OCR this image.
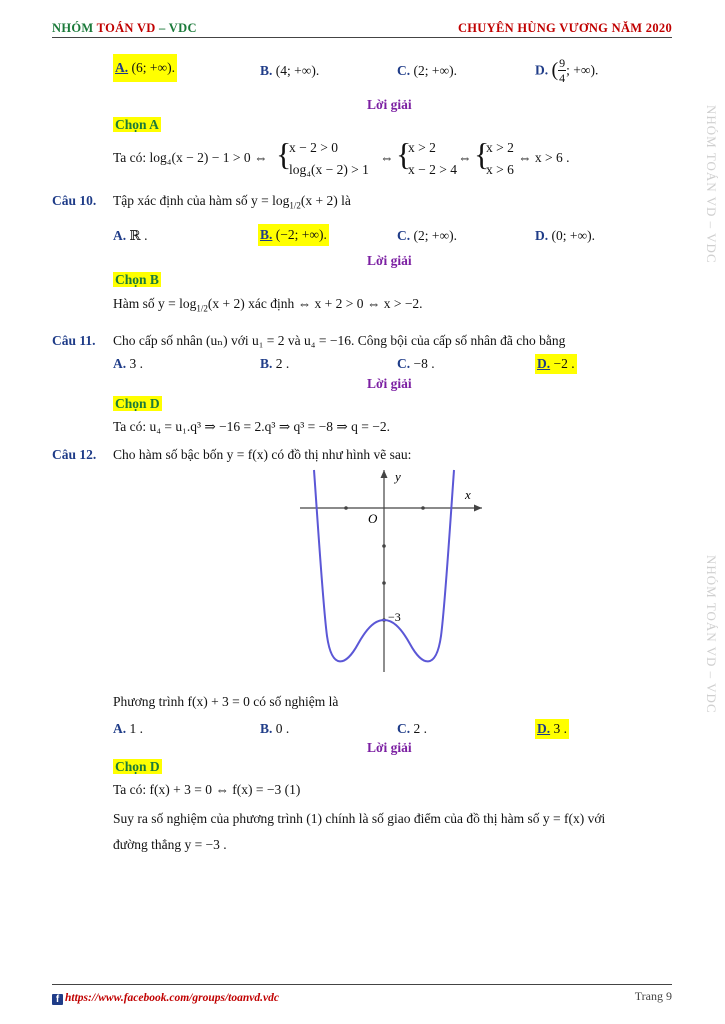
NHÓM TOÁN VD – VDC	CHUYÊN HÙNG VƯƠNG NĂM 2020
NHÓM TOÁN VD – VDC
NHÓM TOÁN VD – VDC
A. (6; +∞).	B. (4; +∞).	C. (2; +∞).	D. ( $\frac{9}{4}$ ; +∞).
Lời giải
Chọn A
Ta có: log₄(x − 2) − 1 > 0 ⇔ {
x − 2 > 0
log₄(x − 2) > 1
⇔ {
x > 2
x − 2 > 4
⇔ {
x > 2
x > 6
⇔ x > 6 .
Câu 10. Tập xác định của hàm số $y = \log_{1/2}(x + 2)$ là
A. ℝ .	B. (−2; +∞).	C. (2; +∞).	D. (0; +∞).
Lời giải
Chọn B
Hàm số $y = \log_{1/2}(x + 2)$ xác định ⇔ x + 2 > 0 ⇔ x > −2.
Câu 11. Cho cấp số nhân (uₙ) với u₁ = 2 và u₄ = −16. Công bội của cấp số nhân đã cho bằng
A. 3 .	B. 2 .	C. −8 .	D. −2 .
Lời giải
Chọn D
Ta có: u₄ = u₁.q³ ⇒ −16 = 2.q³ ⇒ q³ = −8 ⇒ q = −2.
Câu 12. Cho hàm số bậc bốn y = f(x) có đồ thị như hình vẽ sau:
x
y
O
−3
Phương trình f(x) + 3 = 0 có số nghiệm là
A. 1 .	B. 0 .	C. 2 .	D. 3 .
Lời giải
Chọn D
Ta có: f(x) + 3 = 0 ⇔ f(x) = −3 (1)
Suy ra số nghiệm của phương trình (1) chính là số giao điểm của đồ thị hàm số y = f(x) với
đường thẳng y = −3 .
f https://www.facebook.com/groups/toanvd.vdc	Trang 9
